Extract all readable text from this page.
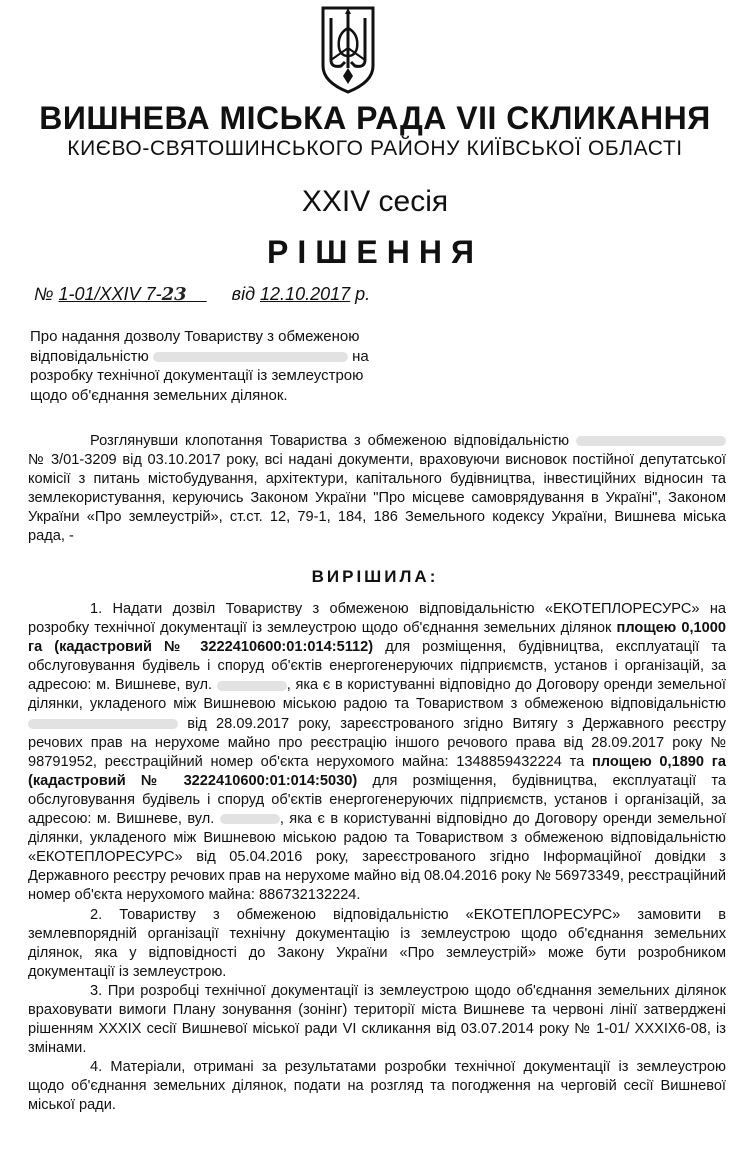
ВИШНЕВА МІСЬКА РАДА VII СКЛИКАННЯ
КИЄВО-СВЯТОШИНСЬКОГО РАЙОНУ КИЇВСЬКОЇ ОБЛАСТІ
XXIV сесія
РІШЕННЯ
№ 1-01/XXIV 7-23	від 12.10.2017 р.
Про надання дозволу Товариству з обмеженою
відповідальністю	на
розробку технічної документації із землеустрою
щодо об'єднання земельних ділянок.

Розглянувши клопотання Товариства з обмеженою відповідальністю  № 3/01-3209 від 03.10.2017 року, всі надані документи, враховуючи висновок постійної депутатської комісії з питань містобудування, архітектури, капітального будівництва, інвестиційних відносин та землекористування, керуючись Законом України "Про місцеве самоврядування в Україні", Законом України «Про землеустрій», ст.ст. 12, 79-1, 184, 186 Земельного кодексу України, Вишнева міська рада, -

ВИРІШИЛА:

1. Надати дозвіл Товариству з обмеженою відповідальністю «ЕКОТЕПЛОРЕСУРС» на розробку технічної документації із землеустрою щодо об'єднання земельних ділянок площею 0,1000 га (кадастровий № 3222410600:01:014:5112) для розміщення, будівництва, експлуатації та обслуговування будівель і споруд об'єктів енергогенеруючих підприємств, установ і організацій, за адресою: м. Вишневе, вул.	, яка є в користуванні відповідно до Договору оренди земельної ділянки, укладеного між Вишневою міською радою та Товариством з обмеженою відповідальністю  від 28.09.2017 року, зареєстрованого згідно Витягу з Державного реєстру речових прав на нерухоме майно про реєстрацію іншого речового права від 28.09.2017 року № 98791952, реєстраційний номер об'єкта нерухомого майна: 1348859432224 та площею 0,1890 га (кадастровий № 3222410600:01:014:5030) для розміщення, будівництва, експлуатації та обслуговування будівель і споруд об'єктів енергогенеруючих підприємств, установ і організацій, за адресою: м. Вишневе, вул.	, яка є в користуванні відповідно до Договору оренди земельної ділянки, укладеного між Вишневою міською радою та Товариством з обмеженою відповідальністю «ЕКОТЕПЛОРЕСУРС» від 05.04.2016 року, зареєстрованого згідно Інформаційної довідки з Державного реєстру речових прав на нерухоме майно від 08.04.2016 року № 56973349, реєстраційний номер об'єкта нерухомого майна: 886732132224.

2. Товариству з обмеженою відповідальністю «ЕКОТЕПЛОРЕСУРС» замовити в землевпорядній організації технічну документацію із землеустрою щодо об'єднання земельних ділянок, яка у відповідності до Закону України «Про землеустрій» може бути розробником документації із землеустрою.

3. При розробці технічної документації із землеустрою щодо об'єднання земельних ділянок враховувати вимоги Плану зонування (зонінг) території міста Вишневе та червоні лінії затверджені рішенням XXXIX сесії Вишневої міської ради VI скликання від 03.07.2014 року № 1-01/ XXXIX6-08, із змінами.

4. Матеріали, отримані за результатами розробки технічної документації із землеустрою щодо об'єднання земельних ділянок, подати на розгляд та погодження на черговій сесії Вишневої міської ради.
